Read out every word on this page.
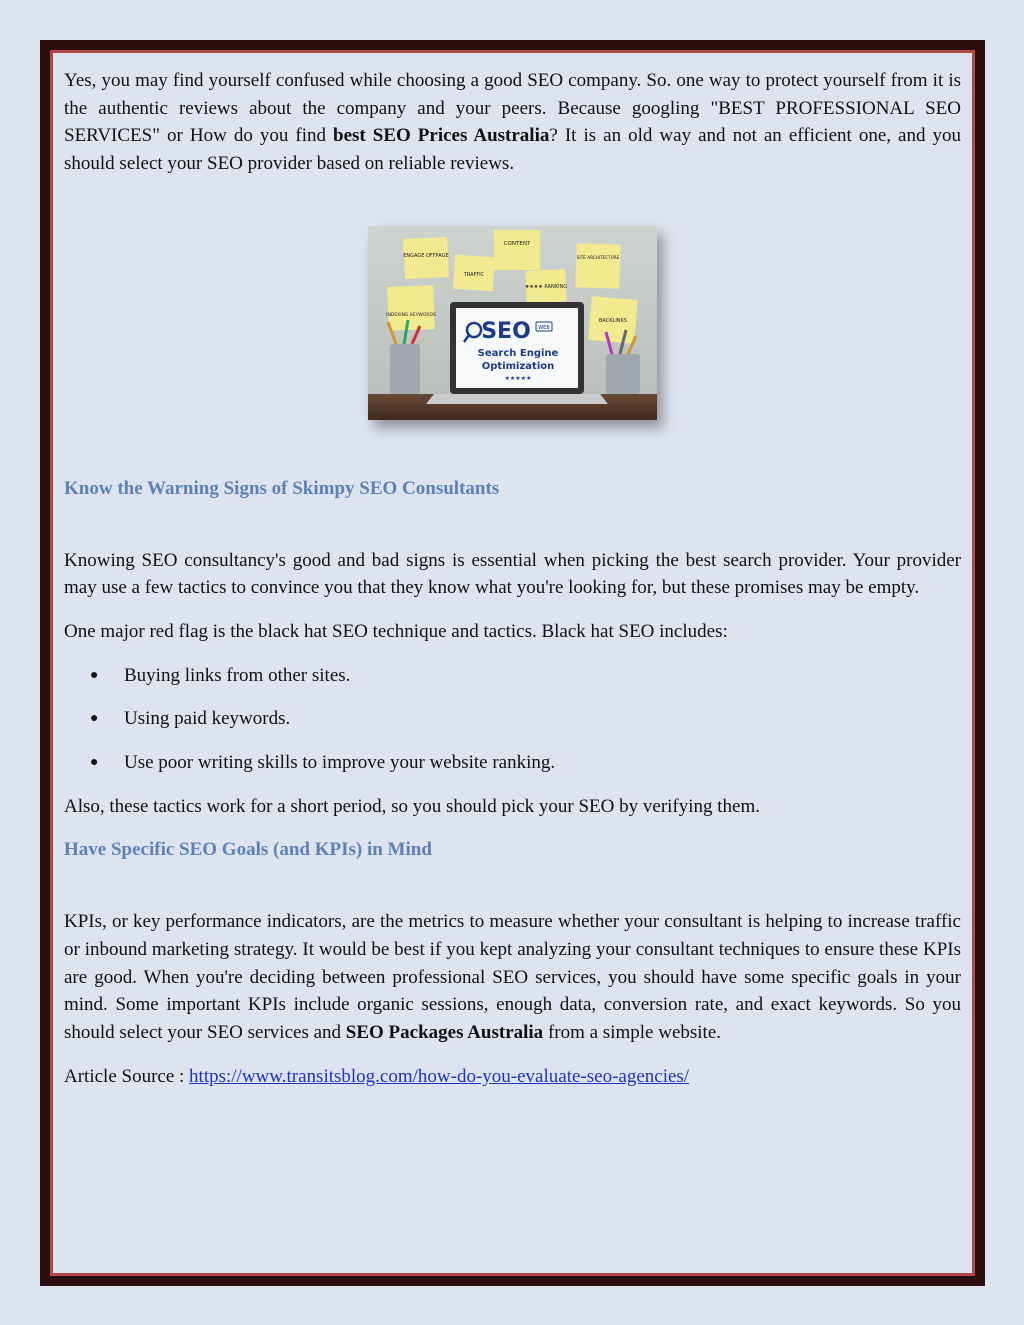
Yes, you may find yourself confused while choosing a good SEO company. So. one way to protect yourself from it is the authentic reviews about the company and your peers. Because googling "BEST PROFESSIONAL SEO SERVICES" or How do you find best SEO Prices Australia? It is an old way and not an efficient one, and you should select your SEO provider based on reliable reviews.

ENGAGE OFFPAGE
TRAFFIC
CONTENT
★★★★ RANKING
SITE ARCHITECTURE
INDEXING KEYWORDS
BACKLINKS
SEO WEB
Search Engine
Optimization
★★★★★

Know the Warning Signs of Skimpy SEO Consultants

Knowing SEO consultancy's good and bad signs is essential when picking the best search provider. Your provider may use a few tactics to convince you that they know what you're looking for, but these promises may be empty.

One major red flag is the black hat SEO technique and tactics. Black hat SEO includes:

● Buying links from other sites.
● Using paid keywords.
● Use poor writing skills to improve your website ranking.

Also, these tactics work for a short period, so you should pick your SEO by verifying them.

Have Specific SEO Goals (and KPIs) in Mind

KPIs, or key performance indicators, are the metrics to measure whether your consultant is helping to increase traffic or inbound marketing strategy. It would be best if you kept analyzing your consultant techniques to ensure these KPIs are good. When you're deciding between professional SEO services, you should have some specific goals in your mind. Some important KPIs include organic sessions, enough data, conversion rate, and exact keywords. So you should select your SEO services and SEO Packages Australia from a simple website.

Article Source : https://www.transitsblog.com/how-do-you-evaluate-seo-agencies/
